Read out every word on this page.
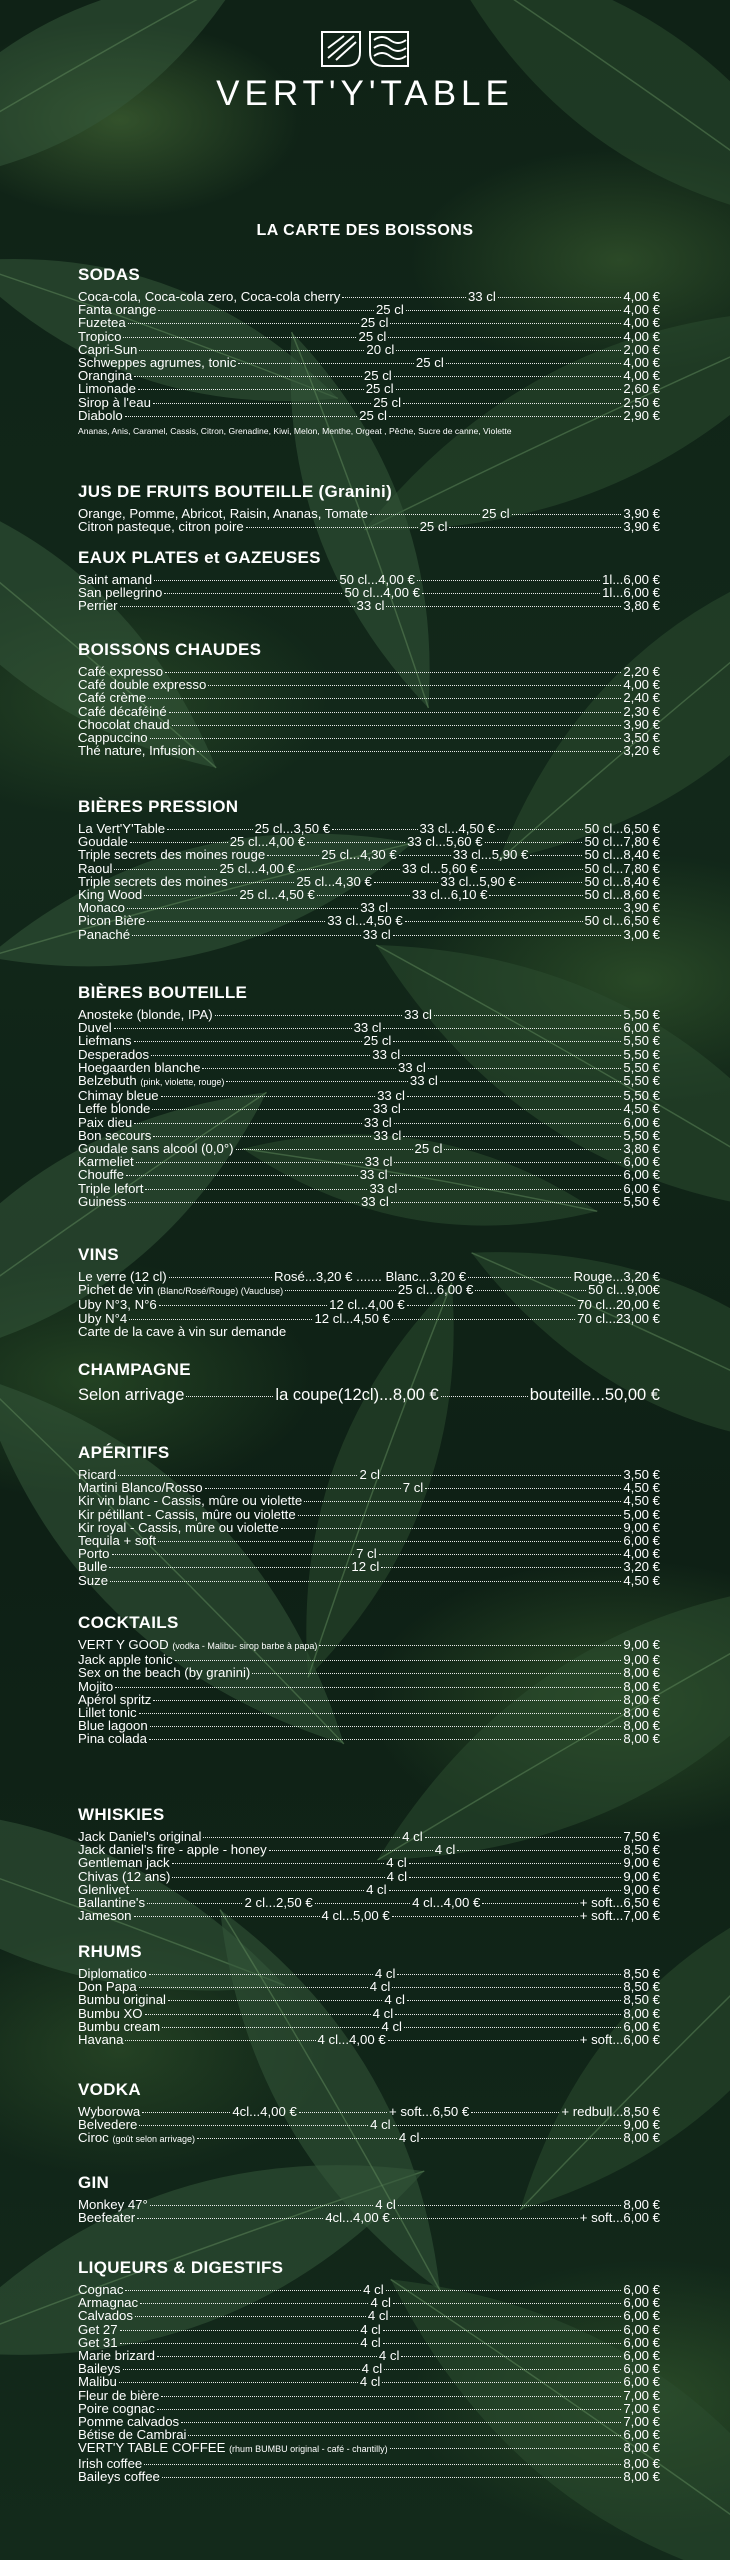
VERT'Y'TABLE
LA CARTE DES BOISSONS
SODAS
Coca-cola, Coca-cola zero, Coca-cola cherry	33 cl	4,00 €
Fanta orange	25 cl	4,00 €
Fuzetea	25 cl	4,00 €
Tropico	25 cl	4,00 €
Capri-Sun	20 cl	2,00 €
Schweppes agrumes, tonic	25 cl	4,00 €
Orangina	25 cl	4,00 €
Limonade	25 cl	2,60 €
Sirop à l'eau	25 cl	2,50 €
Diabolo	25 cl	2,90 €
Ananas, Anis, Caramel, Cassis, Citron, Grenadine, Kiwi, Melon, Menthe, Orgeat , Pêche, Sucre de canne, Violette
JUS DE FRUITS BOUTEILLE (Granini)
Orange, Pomme, Abricot, Raisin, Ananas, Tomate	25 cl	3,90 €
Citron pasteque, citron poire	25 cl	3,90 €
EAUX PLATES et GAZEUSES
Saint amand	50 cl...4,00 €	1l...6,00 €
San pellegrino	50 cl...4,00 €	1l...6,00 €
Perrier	33 cl	3,80 €
BOISSONS CHAUDES
Café expresso	2,20 €
Café double expresso	4,00 €
Café crème	2,40 €
Café décaféiné	2,30 €
Chocolat chaud	3,90 €
Cappuccino	3,50 €
Thé nature, Infusion	3,20 €
BIÈRES PRESSION
La Vert'Y'Table	25 cl...3,50 €	33 cl...4,50 €	50 cl...6,50 €
Goudale	25 cl...4,00 €	33 cl...5,60 €	50 cl...7,80 €
Triple secrets des moines rouge	25 cl...4,30 €	33 cl...5,90 €	50 cl...8,40 €
Raoul	25 cl...4,00 €	33 cl...5,60 €	50 cl...7,80 €
Triple secrets des moines	25 cl...4,30 €	33 cl...5,90 €	50 cl...8,40 €
King Wood	25 cl...4,50 €	33 cl...6,10 €	50 cl...8,60 €
Monaco	33 cl	3,90 €
Picon Bière	33 cl...4,50 €	50 cl...6,50 €
Panaché	33 cl	3,00 €
BIÈRES BOUTEILLE
Anosteke (blonde, IPA)	33 cl	5,50 €
Duvel	33 cl	6,00 €
Liefmans	25 cl	5,50 €
Desperados	33 cl	5,50 €
Hoegaarden blanche	33 cl	5,50 €
Belzebuth (pink, violette, rouge)	33 cl	5,50 €
Chimay bleue	33 cl	5,50 €
Leffe blonde	33 cl	4,50 €
Paix dieu	33 cl	6,00 €
Bon secours	33 cl	5,50 €
Goudale sans alcool (0,0°)	25 cl	3,80 €
Karmeliet	33 cl	6,00 €
Chouffe	33 cl	6,00 €
Triple lefort	33 cl	6,00 €
Guiness	33 cl	5,50 €
VINS
Le verre (12 cl)	Rosé...3,20 € ....... Blanc...3,20 €	Rouge...3,20 €
Pichet de vin (Blanc/Rosé/Rouge) (Vaucluse)	25 cl...6,00 €	50 cl...9,00€
Uby N°3, N°6	12 cl...4,00 €	70 cl...20,00 €
Uby N°4	12 cl...4,50 €	70 cl...23,00 €
Carte de la cave à vin sur demande
CHAMPAGNE
Selon arrivage	la coupe(12cl)...8,00 €	bouteille...50,00 €
APÉRITIFS
Ricard	2 cl	3,50 €
Martini Blanco/Rosso	7 cl	4,50 €
Kir vin blanc - Cassis, mûre ou violette	4,50 €
Kir pétillant - Cassis, mûre ou violette	5,00 €
Kir royal - Cassis, mûre ou violette	9,00 €
Tequila + soft	6,00 €
Porto	7 cl	4,00 €
Bulle	12 cl	3,20 €
Suze	4,50 €
COCKTAILS
VERT Y GOOD (vodka - Malibu- sirop barbe à papa)	9,00 €
Jack apple tonic	9,00 €
Sex on the beach (by granini)	8,00 €
Mojito	8,00 €
Apérol spritz	8,00 €
Lillet tonic	8,00 €
Blue lagoon	8,00 €
Pina colada	8,00 €
WHISKIES
Jack Daniel's original	4 cl	7,50 €
Jack daniel's fire - apple - honey	4 cl	8,50 €
Gentleman jack	4 cl	9,00 €
Chivas (12 ans)	4 cl	9,00 €
Glenlivet	4 cl	9,00 €
Ballantine's	2 cl...2,50 €	4 cl...4,00 €	+ soft...6,50 €
Jameson	4 cl...5,00 €	+ soft...7,00 €
RHUMS
Diplomatico	4 cl	8,50 €
Don Papa	4 cl	8,50 €
Bumbu original	4 cl	8,50 €
Bumbu XO	4 cl	8,00 €
Bumbu cream	4 cl	6,00 €
Havana	4 cl...4,00 €	+ soft...6,00 €
VODKA
Wyborowa	4cl...4,00 €	+ soft...6,50 €	+ redbull...8,50 €
Belvedere	4 cl	9,00 €
Ciroc (goût selon arrivage)	4 cl	8,00 €
GIN
Monkey 47°	4 cl	8,00 €
Beefeater	4cl...4,00 €	+ soft...6,00 €
LIQUEURS & DIGESTIFS
Cognac	4 cl	6,00 €
Armagnac	4 cl	6,00 €
Calvados	4 cl	6,00 €
Get 27	4 cl	6,00 €
Get 31	4 cl	6,00 €
Marie brizard	4 cl	6,00 €
Baileys	4 cl	6,00 €
Malibu	4 cl	6,00 €
Fleur de bière	7,00 €
Poire cognac	7,00 €
Pomme calvados	7,00 €
Bétise de Cambrai	6,00 €
VERT'Y TABLE COFFEE (rhum BUMBU original - café - chantilly)	8,00 €
Irish coffee	8,00 €
Baileys coffee	8,00 €
